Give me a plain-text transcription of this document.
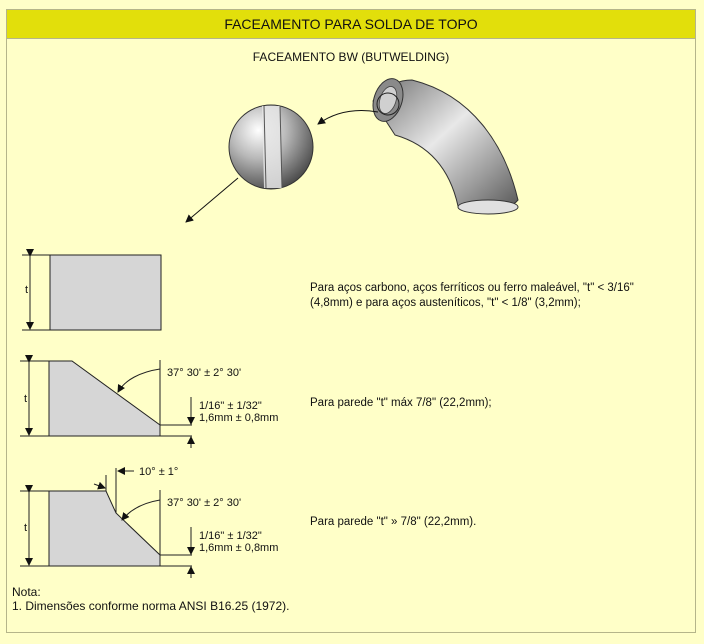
FACEAMENTO PARA SOLDA DE TOPO
FACEAMENTO BW (BUTWELDING)
t
t
37° 30' ± 2° 30'
1/16" ± 1/32"
1,6mm ± 0,8mm
t
10° ± 1°
37° 30' ± 2° 30'
1/16" ± 1/32"
1,6mm ± 0,8mm
Para aços carbono, aços ferríticos ou ferro maleável, "t" < 3/16"
(4,8mm) e para aços austeníticos, "t" < 1/8" (3,2mm);
Para parede "t" máx 7/8" (22,2mm);
Para parede "t" » 7/8" (22,2mm).
Nota:
1. Dimensões conforme norma ANSI B16.25 (1972).
